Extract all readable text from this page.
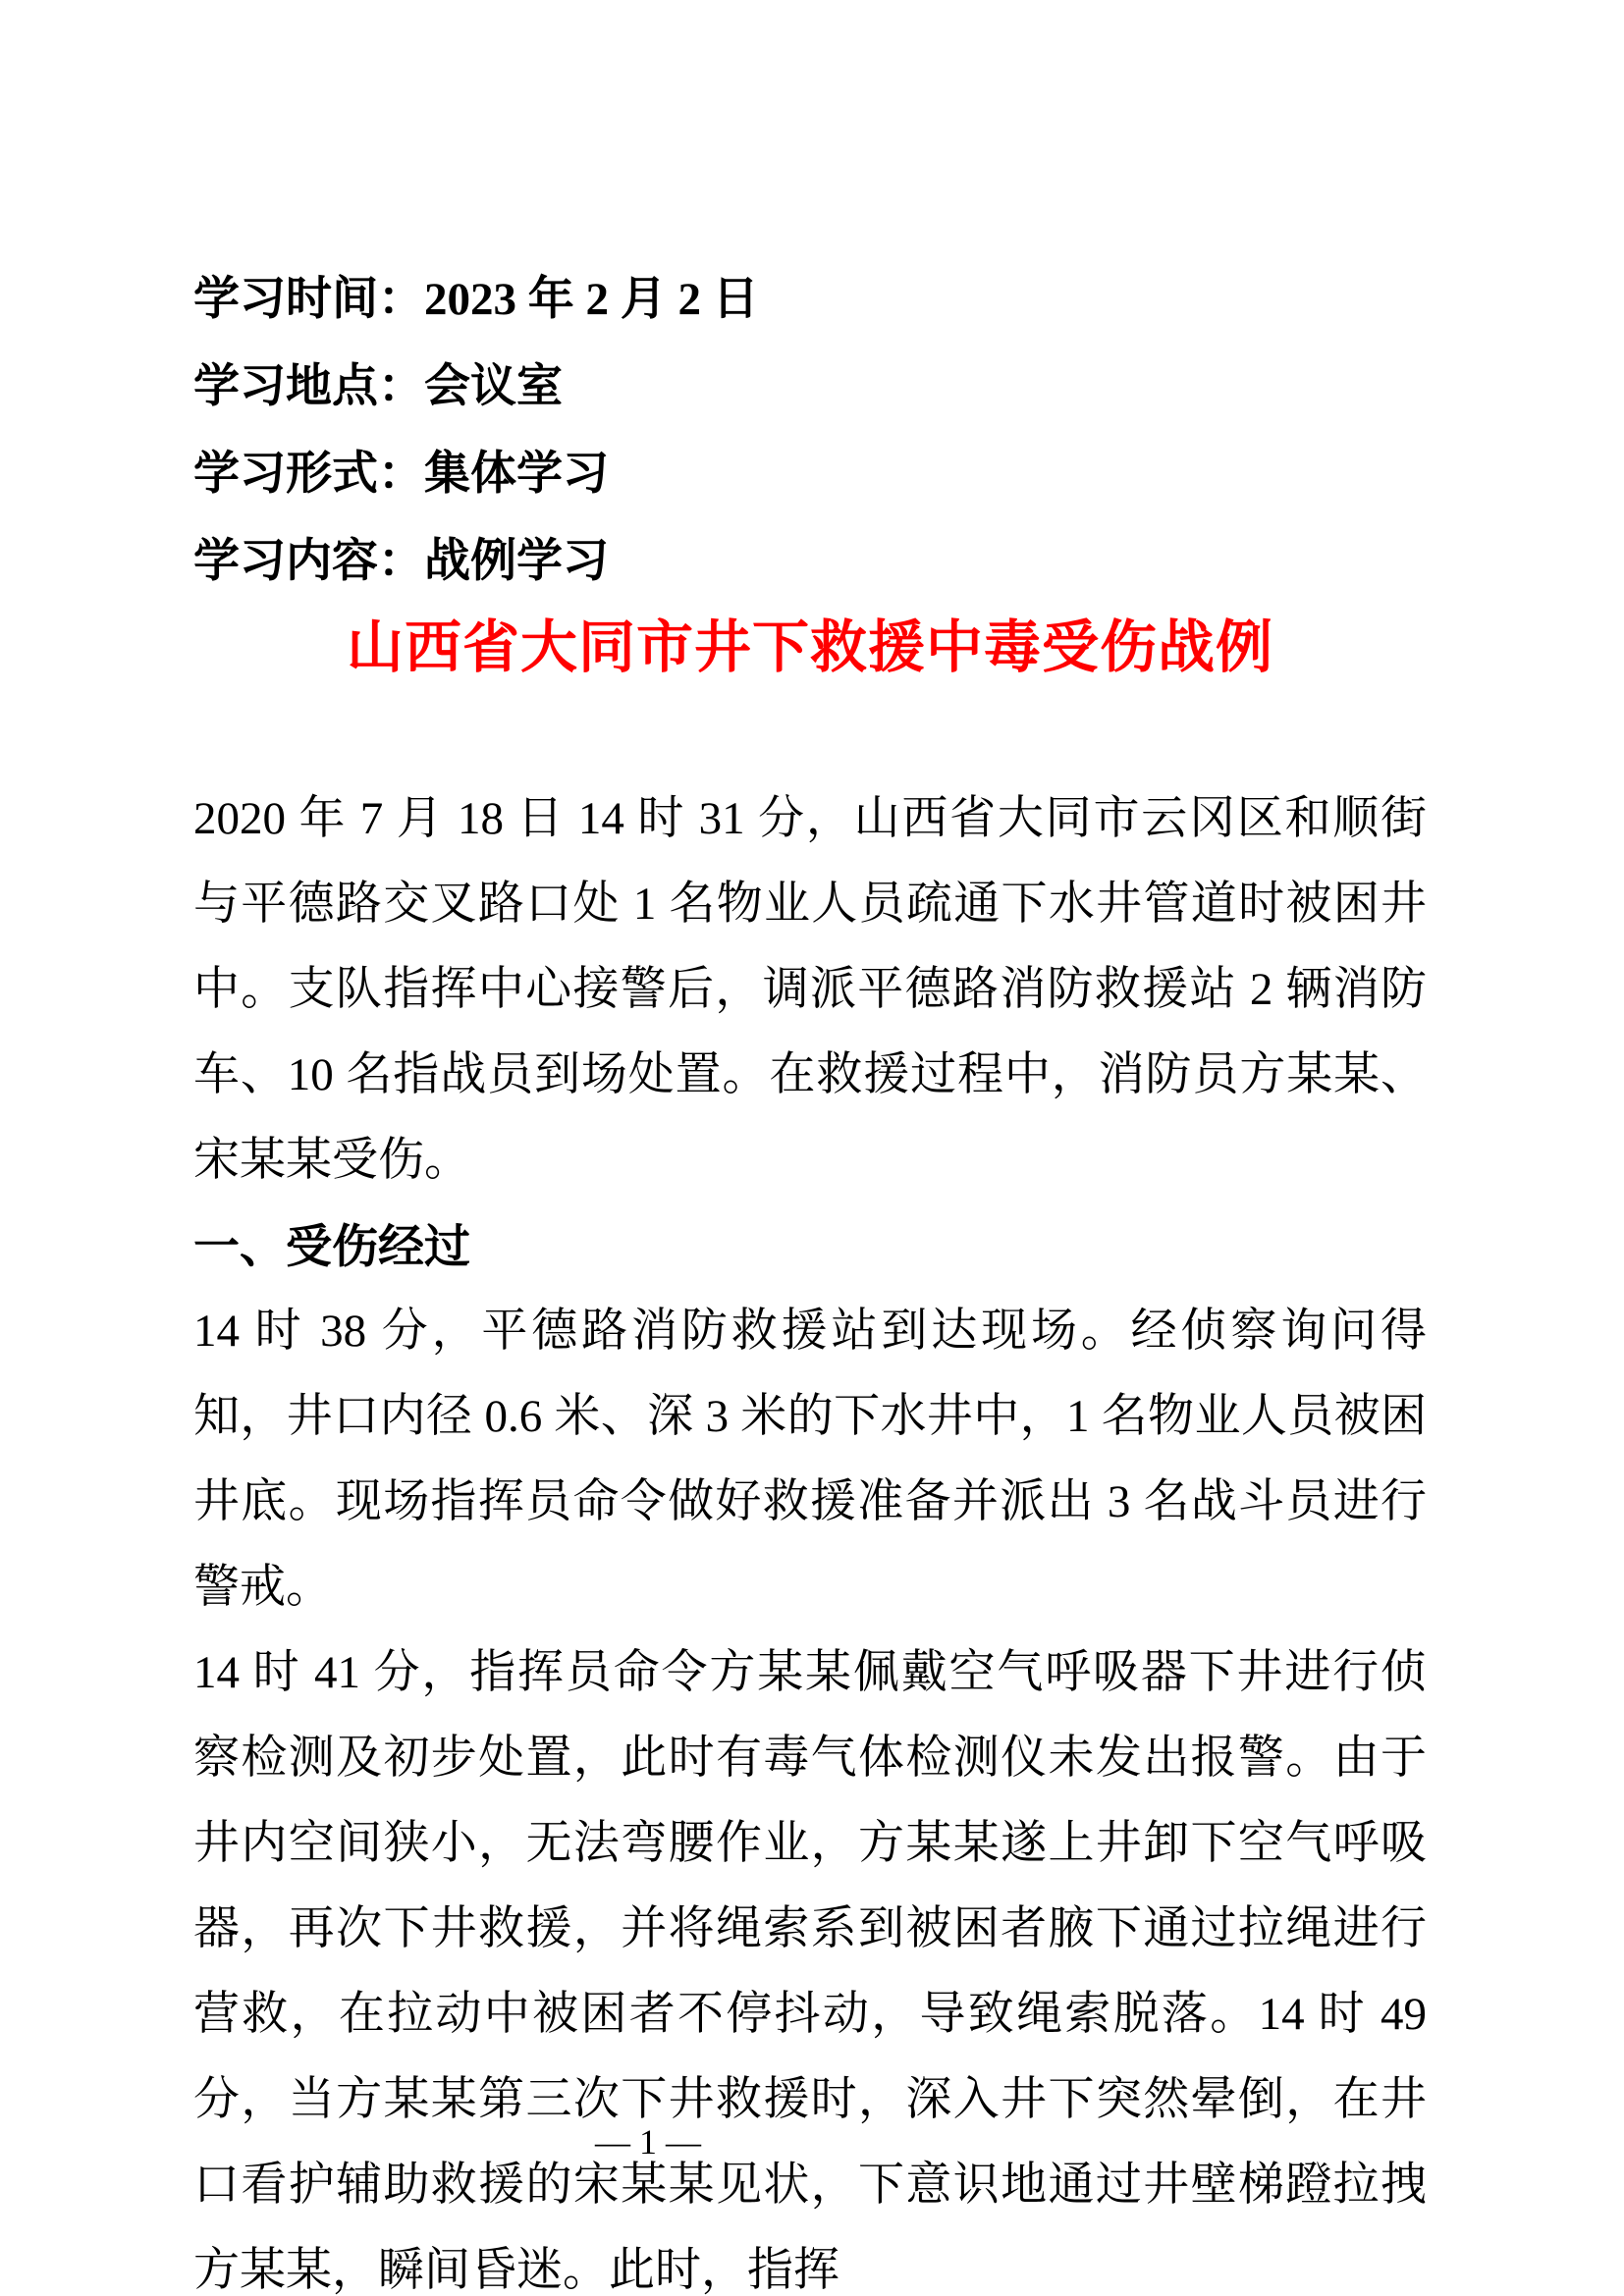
学习时间：2023 年 2 月 2 日
学习地点：会议室
学习形式：集体学习
学习内容：战例学习
山西省大同市井下救援中毒受伤战例

2020 年 7 月 18 日 14 时 31 分，山西省大同市云冈区和顺街与平德路交叉路口处 1 名物业人员疏通下水井管道时被困井中。支队指挥中心接警后，调派平德路消防救援站 2 辆消防车、10 名指战员到场处置。在救援过程中，消防员方某某、宋某某受伤。

一、受伤经过

14 时 38 分，平德路消防救援站到达现场。经侦察询问得知，井口内径 0.6 米、深 3 米的下水井中，1 名物业人员被困井底。现场指挥员命令做好救援准备并派出 3 名战斗员进行警戒。

14 时 41 分，指挥员命令方某某佩戴空气呼吸器下井进行侦察检测及初步处置，此时有毒气体检测仪未发出报警。由于井内空间狭小，无法弯腰作业，方某某遂上井卸下空气呼吸器，再次下井救援，并将绳索系到被困者腋下通过拉绳进行营救，在拉动中被困者不停抖动，导致绳索脱落。14 时 49 分，当方某某第三次下井救援时，深入井下突然晕倒，在井口看护辅助救援的宋某某见状，下意识地通过井壁梯蹬拉拽方某某，瞬间昏迷。此时，指挥

— 1 —
